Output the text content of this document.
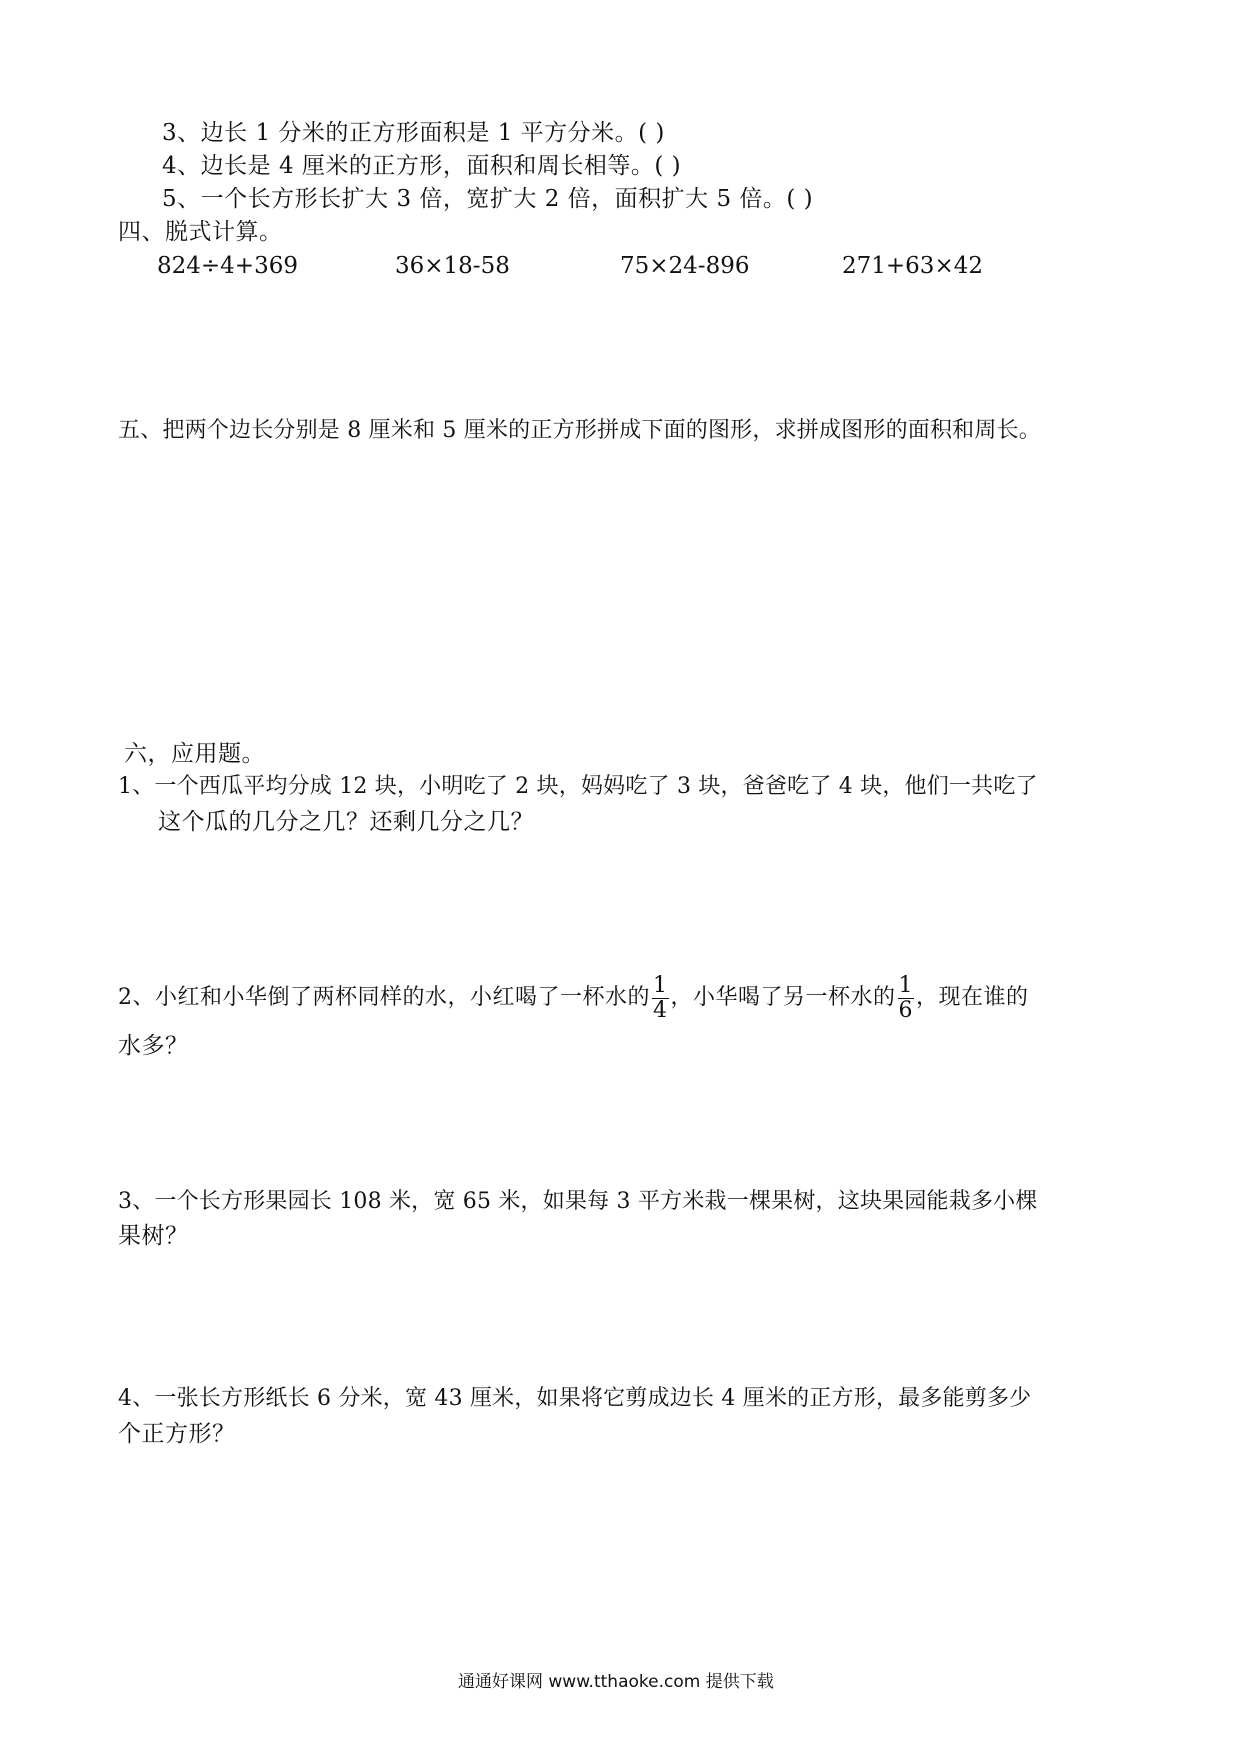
3、边长 1 分米的正方形面积是 1 平方分米。( )
4、边长是 4 厘米的正方形，面积和周长相等。( )
5、一个长方形长扩大 3 倍，宽扩大 2 倍，面积扩大 5 倍。( )
四、脱式计算。
824÷4+369	36×18-58	75×24-896	271+63×42
五、把两个边长分别是 8 厘米和 5 厘米的正方形拼成下面的图形，求拼成图形的面积和周长。
六，应用题。
1、一个西瓜平均分成 12 块，小明吃了 2 块，妈妈吃了 3 块，爸爸吃了 4 块，他们一共吃了
这个瓜的几分之几？还剩几分之几？
2、小红和小华倒了两杯同样的水，小红喝了一杯水的 $\frac{1}{4}$ ，小华喝了另一杯水的 $\frac{1}{6}$ ，现在谁的
水多？
3、一个长方形果园长 108 米，宽 65 米，如果每 3 平方米栽一棵果树，这块果园能栽多小棵
果树？
4、一张长方形纸长 6 分米，宽 43 厘米，如果将它剪成边长 4 厘米的正方形，最多能剪多少
个正方形？
通通好课网 www.tthaoke.com 提供下载
